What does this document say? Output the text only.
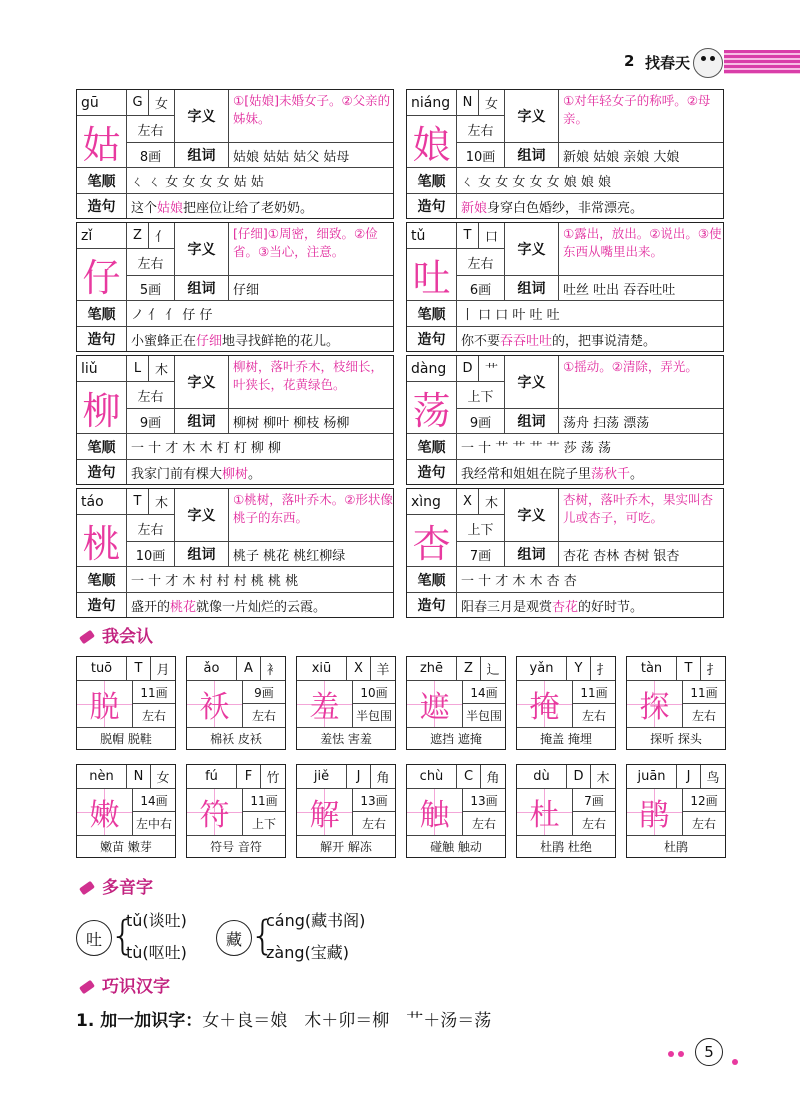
2 找春天
gū	G 女
字义
①[姑娘]未婚女子。②父亲的姊妹。
姑	左右
8画	组词	姑娘 姑姑 姑父 姑母
笔顺	ㄑ ㄑ 女 女 女 女 姑 姑
造句	这个 姑娘 把座位让给了老奶奶。
niáng N 女
字义
①对年轻女子的称呼。②母亲。
娘	左右
10画	组词	新娘 姑娘 亲娘 大娘
笔顺	ㄑ 女 女 女 女 女 娘 娘 娘
造句	新娘 身穿白色婚纱，非常漂亮。
zǐ	Z	亻
字义
[仔细]①周密，细致。②俭省。③当心，注意。
仔	左右
5画	组词	仔细
笔顺	ノ 亻 亻 仔 仔
造句	小蜜蜂正在 仔细 地寻找鲜艳的花儿。
tǔ	T	口
字义
①露出，放出。②说出。③使东西从嘴里出来。
吐	左右
6画	组词	吐丝 吐出 吞吞吐吐
笔顺	丨 口 口 叶 吐 吐
造句	你不要 吞吞吐吐 的，把事说清楚。
liǔ	L	木
字义
柳树，落叶乔木，枝细长，叶狭长，花黄绿色。
柳	左右
9画	组词	柳树 柳叶 柳枝 杨柳
笔顺	一 十 才 木 木 朾 朾 柳 柳
造句	我家门前有棵大 柳树 。
dàng	D 艹
字义
①摇动。②清除，弄光。
荡	上下
9画	组词	荡舟 扫荡 漂荡
笔顺	一 十 艹 艹 艹 艹 莎 荡 荡
造句	我经常和姐姐在院子里 荡秋千 。
táo	T	木
字义
①桃树，落叶乔木。②形状像桃子的东西。
桃	左右
10画	组词	桃子 桃花 桃红柳绿
笔顺	一 十 才 木 村 村 村 桃 桃 桃
造句	盛开的 桃花 就像一片灿烂的云霞。
xìng	X	木
字义
杏树，落叶乔木，果实叫杏儿或杏子，可吃。
杏	上下
7画	组词	杏花 杏林 杏树 银杏
笔顺	一 十 才 木 木 杏 杏
造句	阳春三月是观赏 杏花 的好时节。
我会认
tuō	T	月
脱	11画
左右
脱帽 脱鞋
ǎo	A	衤
袄	9画
左右
棉袄 皮袄
xiū	X	羊
羞	10画
半包围
羞怯 害羞
zhē	Z	辶
遮	14画
半包围
遮挡 遮掩
yǎn	Y	扌
掩	11画
左右
掩盖 掩埋
tàn	T	扌
探	11画
左右
探听 探头
nèn	N	女
嫩	14画
左中右
嫩苗 嫩芽
fú	F	竹
符	11画
上下
符号 音符
jiě	J	角
解	13画
左右
解开 解冻
chù	C	角
触	13画
左右
碰触 触动
dù	D 木
杜	7画
左右
杜鹃 杜绝
juān	J	鸟
鹃	12画
左右
杜鹃
多音字
吐 {
tǔ(谈吐)
tù(呕吐)
藏 {
cáng(藏书阁)
zàng(宝藏)
巧识汉字
1. 加一加识字：女＋良＝娘　木＋卯＝柳　艹＋汤＝荡
5
